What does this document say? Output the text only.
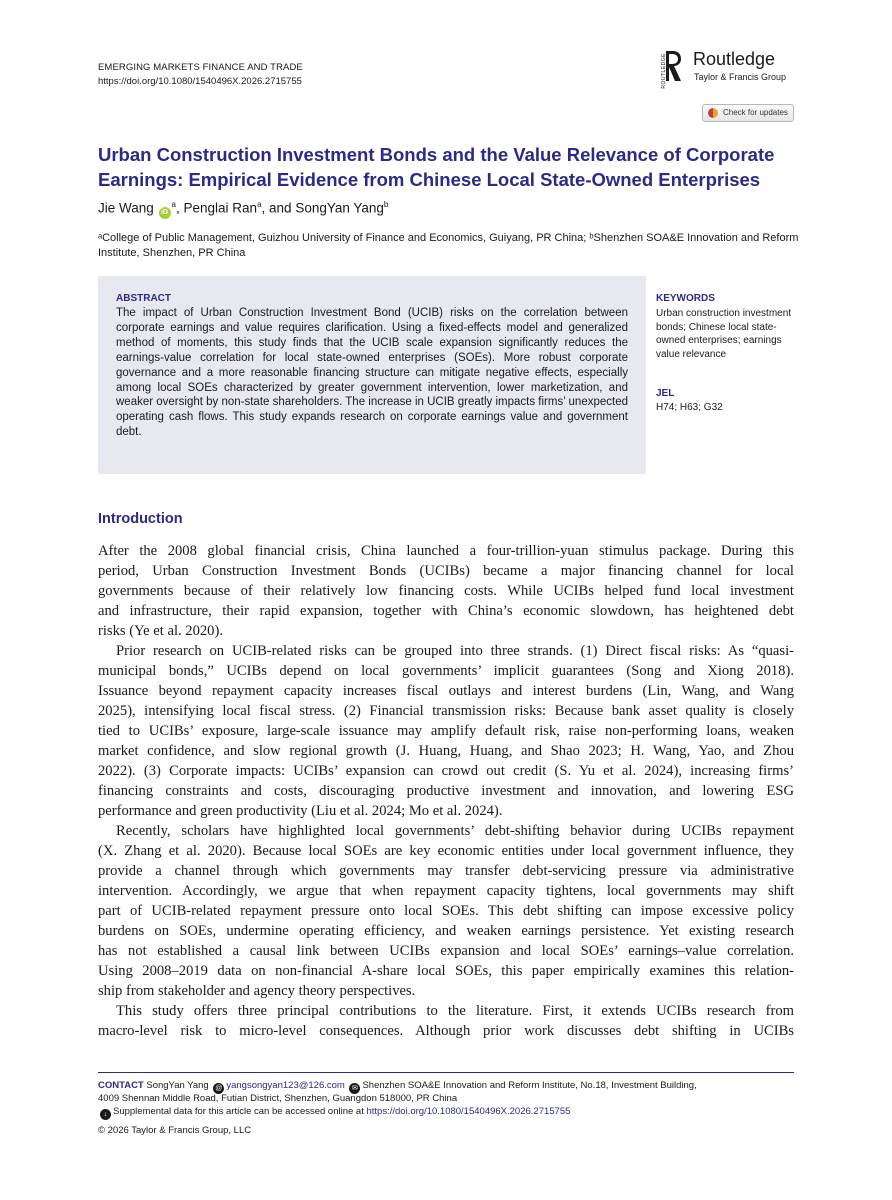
EMERGING MARKETS FINANCE AND TRADE
https://doi.org/10.1080/1540496X.2026.2715755	ROUTLEDGE Routledge
Taylor & Francis Group
Check for updates
Urban Construction Investment Bonds and the Value Relevance of Corporate Earnings: Empirical Evidence from Chinese Local State-Owned Enterprises
Jie Wang $iD^a$, Penglai Ran$^a$, and SongYan Yang$^b$
ᵃCollege of Public Management, Guizhou University of Finance and Economics, Guiyang, PR China; ᵇShenzhen SOA&E Innovation and Reform Institute, Shenzhen, PR China
ABSTRACT
The impact of Urban Construction Investment Bond (UCIB) risks on the correlation between corporate earnings and value requires clarification. Using a fixed-effects model and generalized method of moments, this study finds that the UCIB scale expansion significantly reduces the earnings-value correlation for local state-owned enterprises (SOEs). More robust corporate governance and a more reasonable financing structure can mitigate negative effects, especially among local SOEs characterized by greater government intervention, lower marketization, and weaker oversight by non-state shareholders. The increase in UCIB greatly impacts firms’ unexpected operating cash flows. This study expands research on corporate earnings value and government debt.
KEYWORDS
Urban construction investment bonds; Chinese local state-owned enterprises; earnings value relevance
JEL
H74; H63; G32
Introduction
After the 2008 global financial crisis, China launched a four-trillion-yuan stimulus package. During this
period, Urban Construction Investment Bonds (UCIBs) became a major financing channel for local
governments because of their relatively low financing costs. While UCIBs helped fund local investment
and infrastructure, their rapid expansion, together with China’s economic slowdown, has heightened debt
risks (Ye et al. 2020).
Prior research on UCIB-related risks can be grouped into three strands. (1) Direct fiscal risks: As “quasi-
municipal bonds,” UCIBs depend on local governments’ implicit guarantees (Song and Xiong 2018).
Issuance beyond repayment capacity increases fiscal outlays and interest burdens (Lin, Wang, and Wang
2025), intensifying local fiscal stress. (2) Financial transmission risks: Because bank asset quality is closely
tied to UCIBs’ exposure, large-scale issuance may amplify default risk, raise non-performing loans, weaken
market confidence, and slow regional growth (J. Huang, Huang, and Shao 2023; H. Wang, Yao, and Zhou
2022). (3) Corporate impacts: UCIBs’ expansion can crowd out credit (S. Yu et al. 2024), increasing firms’
financing constraints and costs, discouraging productive investment and innovation, and lowering ESG
performance and green productivity (Liu et al. 2024; Mo et al. 2024).
Recently, scholars have highlighted local governments’ debt-shifting behavior during UCIBs repayment
(X. Zhang et al. 2020). Because local SOEs are key economic entities under local government influence, they
provide a channel through which governments may transfer debt-servicing pressure via administrative
intervention. Accordingly, we argue that when repayment capacity tightens, local governments may shift
part of UCIB-related repayment pressure onto local SOEs. This debt shifting can impose excessive policy
burdens on SOEs, undermine operating efficiency, and weaken earnings persistence. Yet existing research
has not established a causal link between UCIBs expansion and local SOEs’ earnings–value correlation.
Using 2008–2019 data on non-financial A-share local SOEs, this paper empirically examines this relation-
ship from stakeholder and agency theory perspectives.
This study offers three principal contributions to the literature. First, it extends UCIBs research from
macro-level risk to micro-level consequences. Although prior work discusses debt shifting in UCIBs
CONTACT SongYan Yang @ yangsongyan123@126.com ✉ Shenzhen SOA&E Innovation and Reform Institute, No.18, Investment Building,
4009 Shennan Middle Road, Futian District, Shenzhen, Guangdon 518000, PR China
↓ Supplemental data for this article can be accessed online at https://doi.org/10.1080/1540496X.2026.2715755
© 2026 Taylor & Francis Group, LLC
